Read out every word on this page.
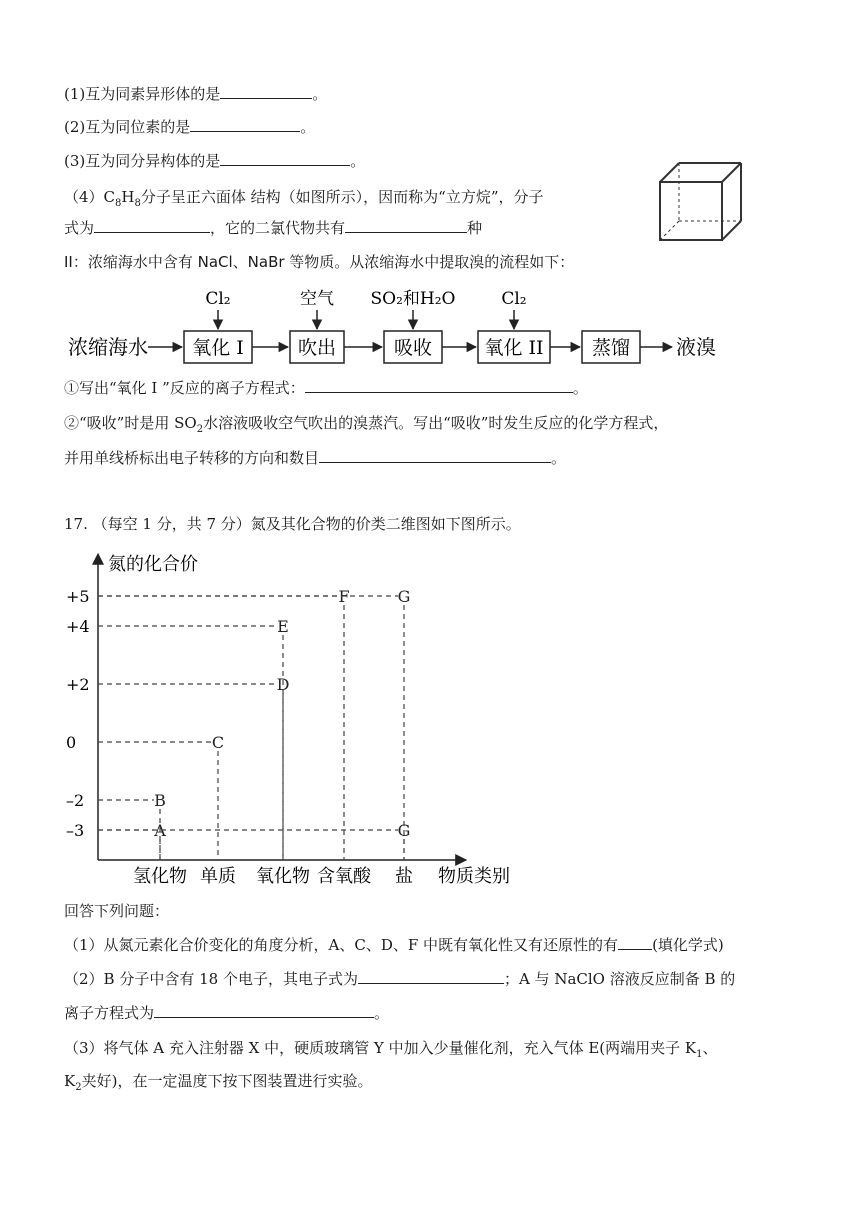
(1)互为同素异形体的是	。
(2)互为同位素的是	。
(3)互为同分异构体的是	。
$(4)C_8H_8$分子呈正六面体 结构（如图所示），因而称为“立方烷”，分子
式为	，它的二氯代物共有	种
II：浓缩海水中含有 NaCl、NaBr 等物质。从浓缩海水中提取溴的流程如下：
浓缩海水 氧化 I	吹出	吸收	氧化 II	蒸馏 液溴
Cl₂	空气 SO₂和H₂O	Cl₂
①写出“氧化 I ”反应的离子方程式：	。
②“吸收”时是用 $SO_2$水溶液吸收空气吹出的溴蒸汽。写出“吸收”时发生反应的化学方程式，
并用单线桥标出电子转移的方向和数目	。
17. （每空 1 分，共 7 分）氮及其化合物的价类二维图如下图所示。
氮的化合价
物质类别
+5
+4
+2
0
–2
–3
氢化物 单质 氧化物 含氧酸 盐
A
B
C
D
E
F	G
G
回答下列问题：
（1）从氮元素化合价变化的角度分析，A、C、D、F 中既有氧化性又有还原性的有 (填化学式)
（2）B 分子中含有 18 个电子，其电子式为	；A 与 NaClO 溶液反应制备 B 的
离子方程式为	。
（3）将气体 A 充入注射器 X 中，硬质玻璃管 Y 中加入少量催化剂，充入气体 E(两端用夹子 $K_1$、
$K_2$夹好)，在一定温度下按下图装置进行实验。
